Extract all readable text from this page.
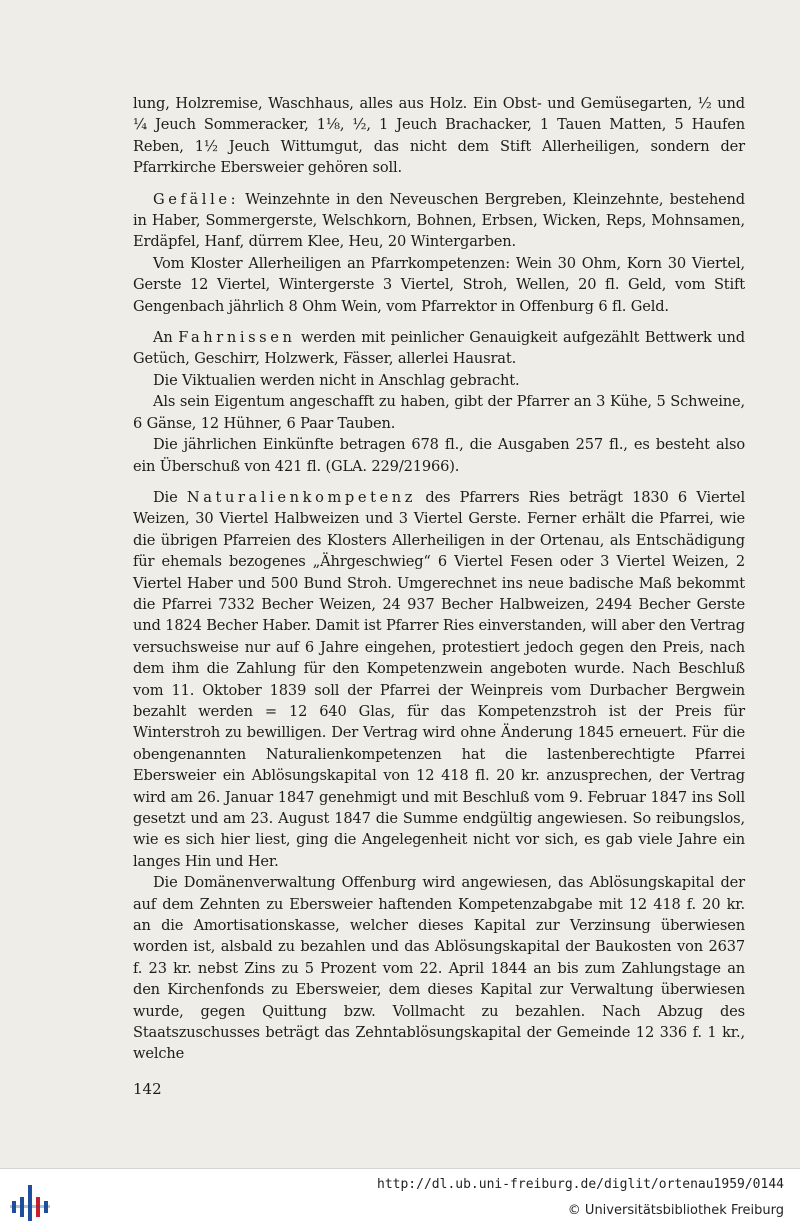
lung, Holzremise, Waschhaus, alles aus Holz. Ein Obst- und Gemüsegarten, ½ und ¼ Jeuch Sommeracker, 1⅛, ½, 1 Jeuch Brachacker, 1 Tauen Matten, 5 Haufen Reben, 1½ Jeuch Wittumgut, das nicht dem Stift Allerheiligen, sondern der Pfarrkirche Ebersweier gehören soll.

Gefälle: Weinzehnte in den Neveuschen Bergreben, Kleinzehnte, bestehend in Haber, Sommergerste, Welschkorn, Bohnen, Erbsen, Wicken, Reps, Mohnsamen, Erdäpfel, Hanf, dürrem Klee, Heu, 20 Wintergarben.

Vom Kloster Allerheiligen an Pfarrkompetenzen: Wein 30 Ohm, Korn 30 Viertel, Gerste 12 Viertel, Wintergerste 3 Viertel, Stroh, Wellen, 20 fl. Geld, vom Stift Gengenbach jährlich 8 Ohm Wein, vom Pfarrektor in Offenburg 6 fl. Geld.

An Fahrnissen werden mit peinlicher Genauigkeit aufgezählt Bettwerk und Getüch, Geschirr, Holzwerk, Fässer, allerlei Hausrat.

Die Viktualien werden nicht in Anschlag gebracht.

Als sein Eigentum angeschafft zu haben, gibt der Pfarrer an 3 Kühe, 5 Schweine, 6 Gänse, 12 Hühner, 6 Paar Tauben.

Die jährlichen Einkünfte betragen 678 fl., die Ausgaben 257 fl., es besteht also ein Überschuß von 421 fl. (GLA. 229/21966).

Die Naturalienkompetenz des Pfarrers Ries beträgt 1830 6 Viertel Weizen, 30 Viertel Halbweizen und 3 Viertel Gerste. Ferner erhält die Pfarrei, wie die übrigen Pfarreien des Klosters Allerheiligen in der Ortenau, als Entschädigung für ehemals bezogenes „Ährgeschwieg“ 6 Viertel Fesen oder 3 Viertel Weizen, 2 Viertel Haber und 500 Bund Stroh. Umgerechnet ins neue badische Maß bekommt die Pfarrei 7332 Becher Weizen, 24 937 Becher Halbweizen, 2494 Becher Gerste und 1824 Becher Haber. Damit ist Pfarrer Ries einverstanden, will aber den Vertrag versuchsweise nur auf 6 Jahre eingehen, protestiert jedoch gegen den Preis, nach dem ihm die Zahlung für den Kompetenzwein angeboten wurde. Nach Beschluß vom 11. Oktober 1839 soll der Pfarrei der Weinpreis vom Durbacher Bergwein bezahlt werden = 12 640 Glas, für das Kompetenzstroh ist der Preis für Winterstroh zu bewilligen. Der Vertrag wird ohne Änderung 1845 erneuert. Für die obengenannten Naturalienkompetenzen hat die lastenberechtigte Pfarrei Ebersweier ein Ablösungskapital von 12 418 fl. 20 kr. anzusprechen, der Vertrag wird am 26. Januar 1847 genehmigt und mit Beschluß vom 9. Februar 1847 ins Soll gesetzt und am 23. August 1847 die Summe endgültig angewiesen. So reibungslos, wie es sich hier liest, ging die Angelegenheit nicht vor sich, es gab viele Jahre ein langes Hin und Her.

Die Domänenverwaltung Offenburg wird angewiesen, das Ablösungskapital der auf dem Zehnten zu Ebersweier haftenden Kompetenzabgabe mit 12 418 f. 20 kr. an die Amortisationskasse, welcher dieses Kapital zur Verzinsung überwiesen worden ist, alsbald zu bezahlen und das Ablösungskapital der Baukosten von 2637 f. 23 kr. nebst Zins zu 5 Prozent vom 22. April 1844 an bis zum Zahlungstage an den Kirchenfonds zu Ebersweier, dem dieses Kapital zur Verwaltung überwiesen wurde, gegen Quittung bzw. Vollmacht zu bezahlen. Nach Abzug des Staatszuschusses beträgt das Zehntablösungskapital der Gemeinde 12 336 f. 1 kr., welche

142
http://dl.ub.uni-freiburg.de/diglit/ortenau1959/0144
© Universitätsbibliothek Freiburg
